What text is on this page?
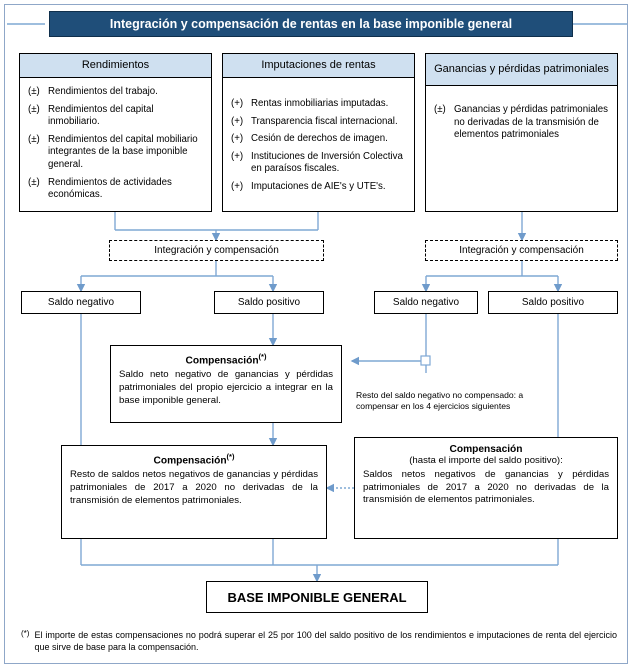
Integración y compensación de rentas en la base imponible general
Rendimientos
(±) Rendimientos del trabajo.
(±) Rendimientos del capital inmobiliario.
(±) Rendimientos del capital mobiliario integrantes de la base imponible general.
(±) Rendimientos de actividades económicas.
Imputaciones de rentas
(+) Rentas inmobiliarias imputadas.
(+) Transparencia fiscal internacional.
(+) Cesión de derechos de imagen.
(+) Instituciones de Inversión Colectiva en paraísos fiscales.
(+) Imputaciones de AIE's y UTE's.
Ganancias y pérdidas patrimoniales
(±) Ganancias y pérdidas patrimoniales no derivadas de la transmisión de elementos patrimoniales
Integración y compensación	Integración y compensación
Saldo negativo	Saldo positivo	Saldo negativo	Saldo positivo
Compensación(*)
Saldo neto negativo de ganancias y pérdidas patrimoniales del propio ejercicio a integrar en la base imponible general.
Compensación(*)
Resto de saldos netos negativos de ganancias y pérdidas patrimoniales de 2017 a 2020 no derivadas de la transmisión de elementos patrimoniales.
Compensación
(hasta el importe del saldo positivo):
Saldos netos negativos de ganancias y pérdidas patrimoniales de 2017 a 2020 no derivadas de la transmisión de elementos patrimoniales.
Resto del saldo negativo no compensado: a compensar en los 4 ejercicios siguientes
BASE IMPONIBLE GENERAL
(*) El importe de estas compensaciones no podrá superar el 25 por 100 del saldo positivo de los rendimientos e imputaciones de renta del ejercicio que sirve de base para la compensación.
